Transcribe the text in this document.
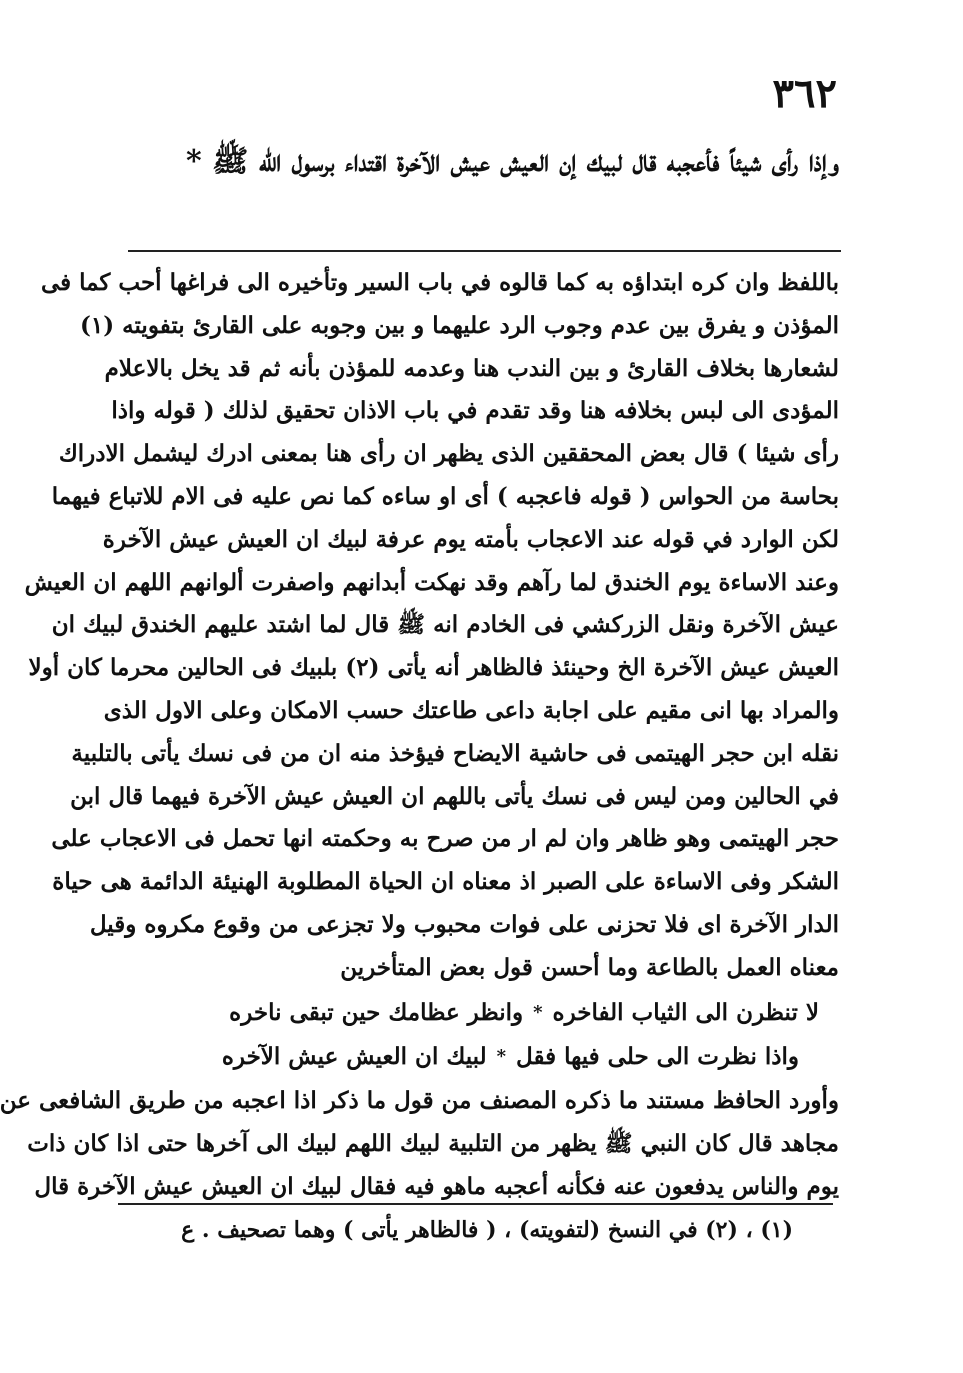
٣٦٢
وإذا رأى شيئاً فأعجبه قال لبيك إن العيش عيش الآخرة اقتداء برسول الله ﷺ *
باللفظ وان كره ابتداؤه به كما قالوه في باب السير وتأخيره الى فراغها أحب كما فى
المؤذن و يفرق بين عدم وجوب الرد عليهما و بين وجوبه على القارئ بتفويته (١)
لشعارها بخلاف القارئ و بين الندب هنا وعدمه للمؤذن بأنه ثم قد يخل بالاعلام
المؤدى الى لبس بخلافه هنا وقد تقدم في باب الاذان تحقيق لذلك ( قوله واذا
رأى شيئا ) قال بعض المحققين الذى يظهر ان رأى هنا بمعنى ادرك ليشمل الادراك
بحاسة من الحواس ( قوله فاعجبه ) أى او ساءه كما نص عليه فى الام للاتباع فيهما
لكن الوارد في قوله عند الاعجاب بأمته يوم عرفة لبيك ان العيش عيش الآخرة
وعند الاساءة يوم الخندق لما رآهم وقد نهكت أبدانهم واصفرت ألوانهم اللهم ان العيش
عيش الآخرة ونقل الزركشي فى الخادم انه ﷺ قال لما اشتد عليهم الخندق لبيك ان
العيش عيش الآخرة الخ وحينئذ فالظاهر أنه يأتى (٢) بلبيك فى الحالين محرما كان أولا
والمراد بها انى مقيم على اجابة داعى طاعتك حسب الامكان وعلى الاول الذى
نقله ابن حجر الهيتمى فى حاشية الايضاح فيؤخذ منه ان من فى نسك يأتى بالتلبية
في الحالين ومن ليس فى نسك يأتى باللهم ان العيش عيش الآخرة فيهما قال ابن
حجر الهيتمى وهو ظاهر وان لم ار من صرح به وحكمته انها تحمل فى الاعجاب على
الشكر وفى الاساءة على الصبر اذ معناه ان الحياة المطلوبة الهنيئة الدائمة هى حياة
الدار الآخرة اى فلا تحزنى على فوات محبوب ولا تجزعى من وقوع مكروه وقيل
معناه العمل بالطاعة وما أحسن قول بعض المتأخرين
لا تنظرن الى الثياب الفاخره
*
وانظر عظامك حين تبقى ناخره
واذا نظرت الى حلى فيها فقل
*
لبيك ان العيش عيش الآخره
وأورد الحافظ مستند ما ذكره المصنف من قول ما ذكر اذا اعجبه من طريق الشافعى عن
مجاهد قال كان النبي ﷺ يظهر من التلبية لبيك اللهم لبيك الى آخرها حتى اذا كان ذات
يوم والناس يدفعون عنه فكأنه أعجبه ماهو فيه فقال لبيك ان العيش عيش الآخرة قال
(١) ، (٢) في النسخ (لتفويته) ، ( فالظاهر يأتى ) وهما تصحيف . ع
